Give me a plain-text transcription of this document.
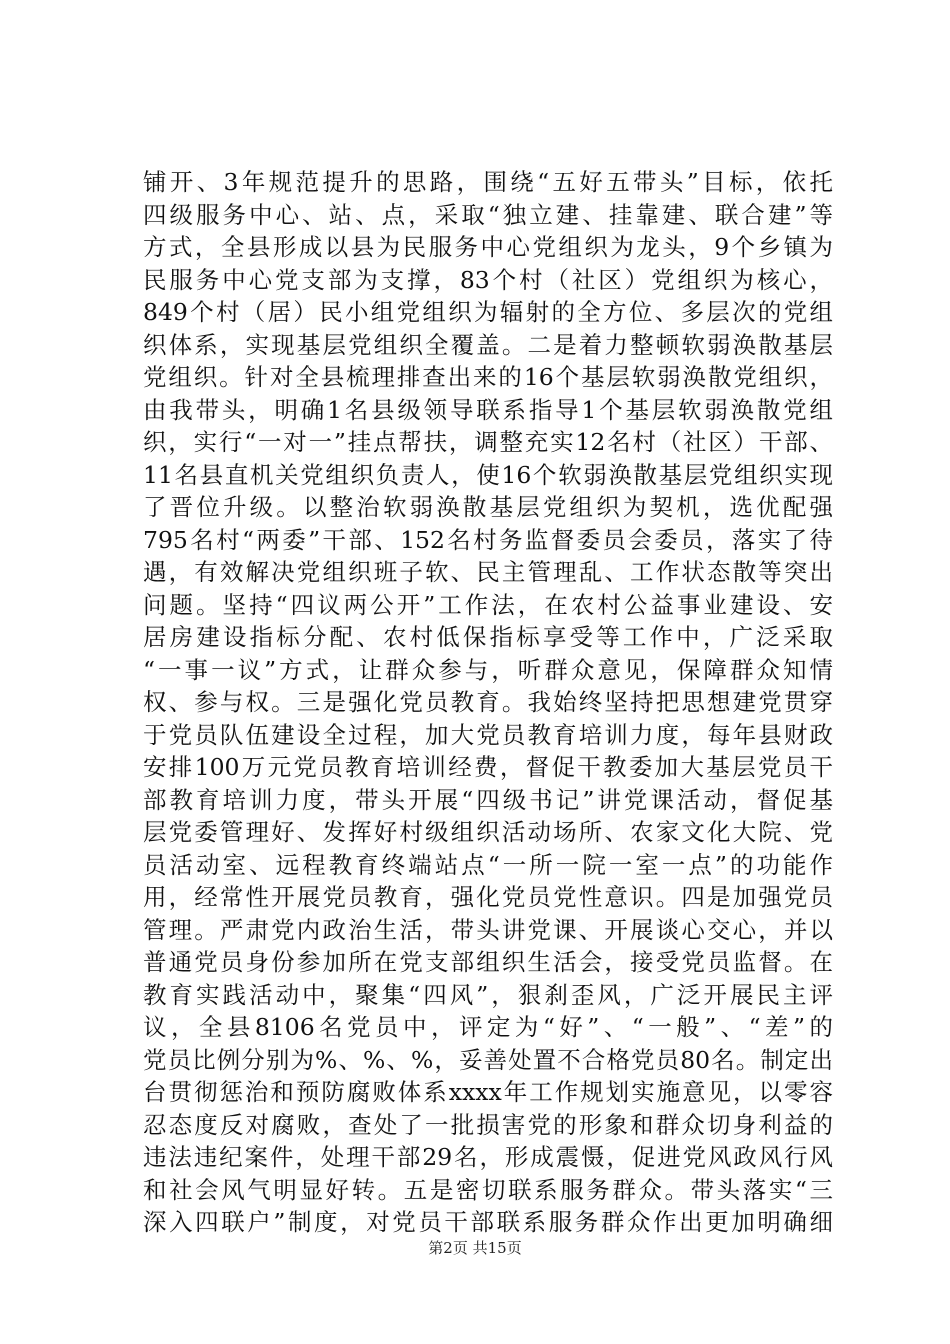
铺开、3年规范提升的思路，围绕“五好五带头”目标，依托
四级服务中心、站、点，采取“独立建、挂靠建、联合建”等
方式，全县形成以县为民服务中心党组织为龙头，9个乡镇为
民服务中心党支部为支撑，83个村（社区）党组织为核心，
849个村（居）民小组党组织为辐射的全方位、多层次的党组
织体系，实现基层党组织全覆盖。二是着力整顿软弱涣散基层
党组织。针对全县梳理排查出来的16个基层软弱涣散党组织，
由我带头，明确1名县级领导联系指导1个基层软弱涣散党组
织，实行“一对一”挂点帮扶，调整充实12名村（社区）干部、
11名县直机关党组织负责人，使16个软弱涣散基层党组织实现
了晋位升级。以整治软弱涣散基层党组织为契机，选优配强
795名村“两委”干部、152名村务监督委员会委员，落实了待
遇，有效解决党组织班子软、民主管理乱、工作状态散等突出
问题。坚持“四议两公开”工作法，在农村公益事业建设、安
居房建设指标分配、农村低保指标享受等工作中，广泛采取
“一事一议”方式，让群众参与，听群众意见，保障群众知情
权、参与权。三是强化党员教育。我始终坚持把思想建党贯穿
于党员队伍建设全过程，加大党员教育培训力度，每年县财政
安排100万元党员教育培训经费，督促干教委加大基层党员干
部教育培训力度，带头开展“四级书记”讲党课活动，督促基
层党委管理好、发挥好村级组织活动场所、农家文化大院、党
员活动室、远程教育终端站点“一所一院一室一点”的功能作
用，经常性开展党员教育，强化党员党性意识。四是加强党员
管理。严肃党内政治生活，带头讲党课、开展谈心交心，并以
普通党员身份参加所在党支部组织生活会，接受党员监督。在
教育实践活动中，聚集“四风”，狠刹歪风，广泛开展民主评
议，全县8106名党员中，评定为“好”、“一般”、“差”的
党员比例分别为%、%、%，妥善处置不合格党员80名。制定出
台贯彻惩治和预防腐败体系xxxx年工作规划实施意见，以零容
忍态度反对腐败，查处了一批损害党的形象和群众切身利益的
违法违纪案件，处理干部29名，形成震慑，促进党风政风行风
和社会风气明显好转。五是密切联系服务群众。带头落实“三
深入四联户”制度，对党员干部联系服务群众作出更加明确细
第2页 共15页
